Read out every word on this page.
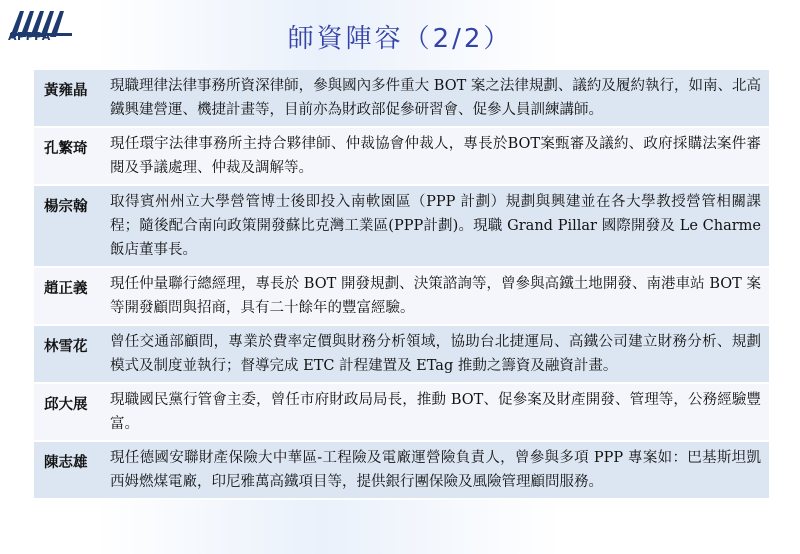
APPPA	師資陣容（2/2）
黃雍晶	現職理律法律事務所資深律師，參與國內多件重大 BOT 案之法律規劃、議約及履約執行，如南、北高鐵興建營運、機捷計畫等，目前亦為財政部促參研習會、促參人員訓練講師。
孔繁琦	現任環宇法律事務所主持合夥律師、仲裁協會仲裁人，專長於BOT案甄審及議約、政府採購法案件審閱及爭議處理、仲裁及調解等。
楊宗翰	取得賓州州立大學營管博士後即投入南軟園區（PPP 計劃）規劃與興建並在各大學教授營管相關課程；隨後配合南向政策開發蘇比克灣工業區(PPP計劃)。現職 Grand Pillar 國際開發及 Le Charme 飯店董事長。
趙正義	現任仲量聯行總經理，專長於 BOT 開發規劃、決策諮詢等，曾參與高鐵土地開發、南港車站 BOT 案等開發顧問與招商，具有二十餘年的豐富經驗。
林雪花	曾任交通部顧問，專業於費率定價與財務分析領域，協助台北捷運局、高鐵公司建立財務分析、規劃模式及制度並執行；督導完成 ETC 計程建置及 ETag 推動之籌資及融資計畫。
邱大展	現職國民黨行管會主委，曾任市府財政局局長，推動 BOT、促參案及財產開發、管理等，公務經驗豐富。
陳志雄	現任德國安聯財產保險大中華區-工程險及電廠運營險負責人，曾參與多項 PPP 專案如：巴基斯坦凱西姆燃煤電廠，印尼雅萬高鐵項目等，提供銀行團保險及風險管理顧問服務。
